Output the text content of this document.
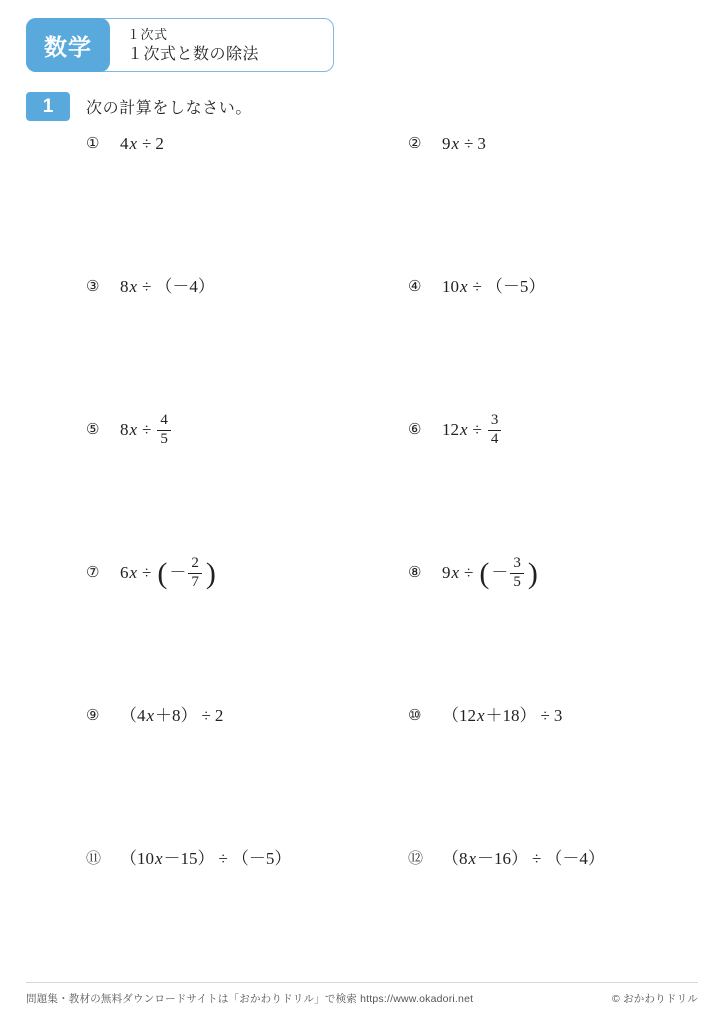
数学	１次式
１次式と数の除法
1	次の計算をしなさい。
①	4 x ÷ 2	②	9 x ÷ 3
③	8 x ÷ （－4）	④	10 x ÷ （－5）
⑤	8 $x \div \frac{4}{5}$	⑥	12 $x \div \frac{3}{4}$
⑦	6 x ÷ ( － $\frac{2}{7}$ )	⑧	9 x ÷ ( － $\frac{3}{5}$ )
⑨	（4 x ＋8） ÷ 2	⑩	（12 x ＋18） ÷ 3
⑪	（10 x －15） ÷ （－5）	⑫	（8 x －16） ÷ （－4）
問題集・教材の無料ダウンロードサイトは「おかわりドリル」で検索 https://www.okadori.net	© おかわりドリル
